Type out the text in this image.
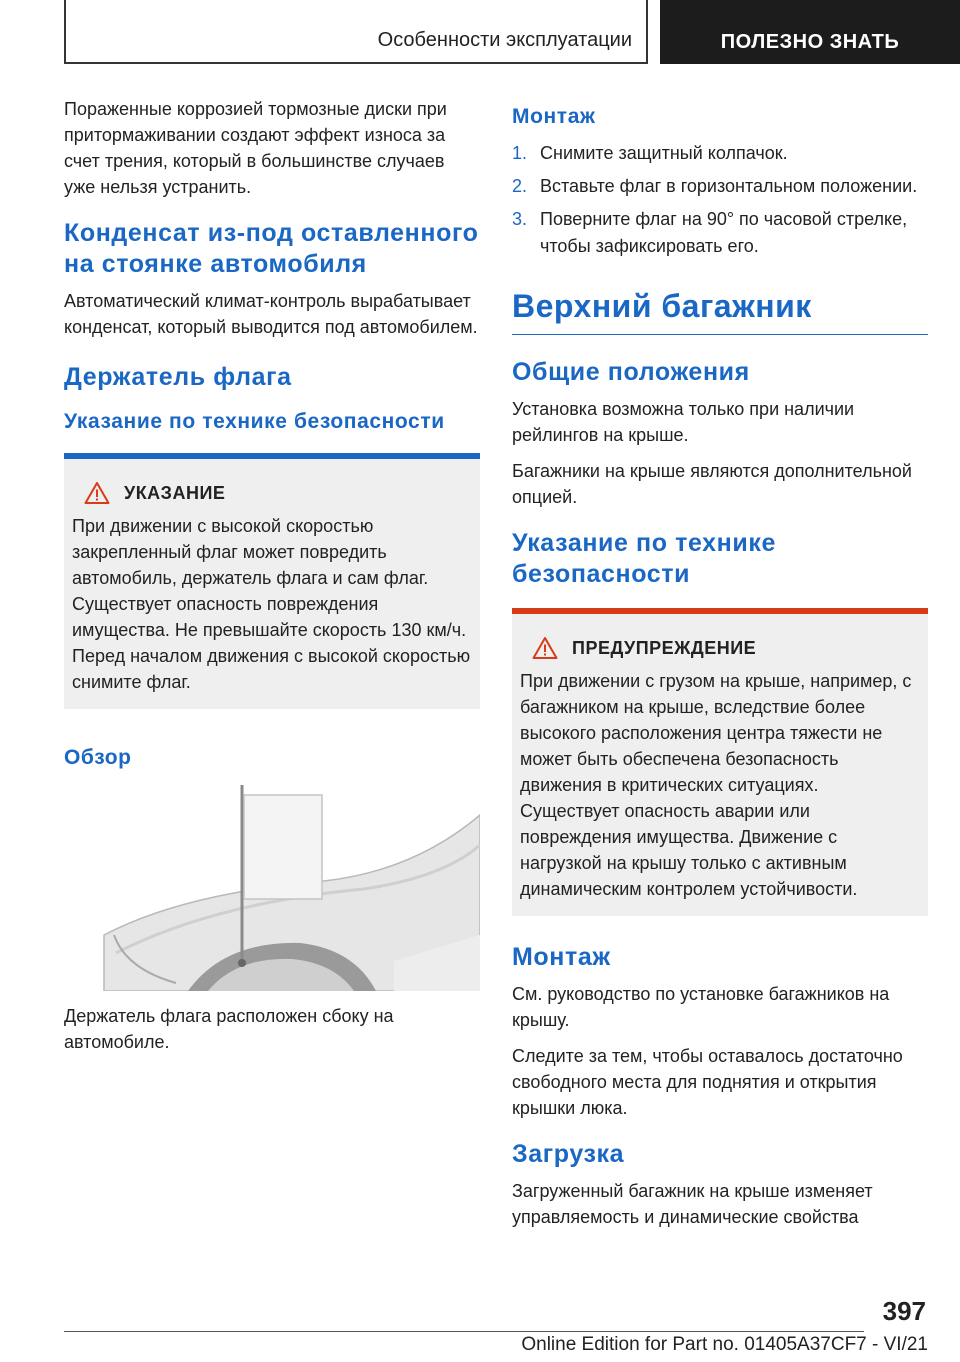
Особенности эксплуатации	ПОЛЕЗНО ЗНАТЬ

Пораженные коррозией тормозные диски при притормаживании создают эффект износа за счет трения, который в большинстве случаев уже нельзя устранить.

Конденсат из-под оставленного на стоянке автомобиля

Автоматический климат-контроль вырабатывает конденсат, который выводится под автомобилем.

Держатель флага
Указание по технике безопасности
УКАЗАНИЕ

При движении с высокой скоростью закрепленный флаг может повредить автомобиль, держатель флага и сам флаг. Существует опасность повреждения имущества. Не превышайте скорость 130 км/ч. Перед началом движения с высокой скоростью снимите флаг.

Обзор

Держатель флага расположен сбоку на автомобиле.

Монтаж
1. Снимите защитный колпачок.
2. Вставьте флаг в горизонтальном положении.
3. Поверните флаг на 90° по часовой стрелке, чтобы зафиксировать его.
Верхний багажник
Общие положения

Установка возможна только при наличии рейлингов на крыше.

Багажники на крыше являются дополнительной опцией.

Указание по технике безопасности
ПРЕДУПРЕЖДЕНИЕ

При движении с грузом на крыше, например, с багажником на крыше, вследствие более высокого расположения центра тяжести не может быть обеспечена безопасность движения в критических ситуациях. Существует опасность аварии или повреждения имущества. Движение с нагрузкой на крышу только с активным динамическим контролем устойчивости.

Монтаж

См. руководство по установке багажников на крышу.

Следите за тем, чтобы оставалось достаточно свободного места для поднятия и открытия крышки люка.

Загрузка

Загруженный багажник на крыше изменяет управляемость и динамические свойства

397
Online Edition for Part no. 01405A37CF7 - VI/21
